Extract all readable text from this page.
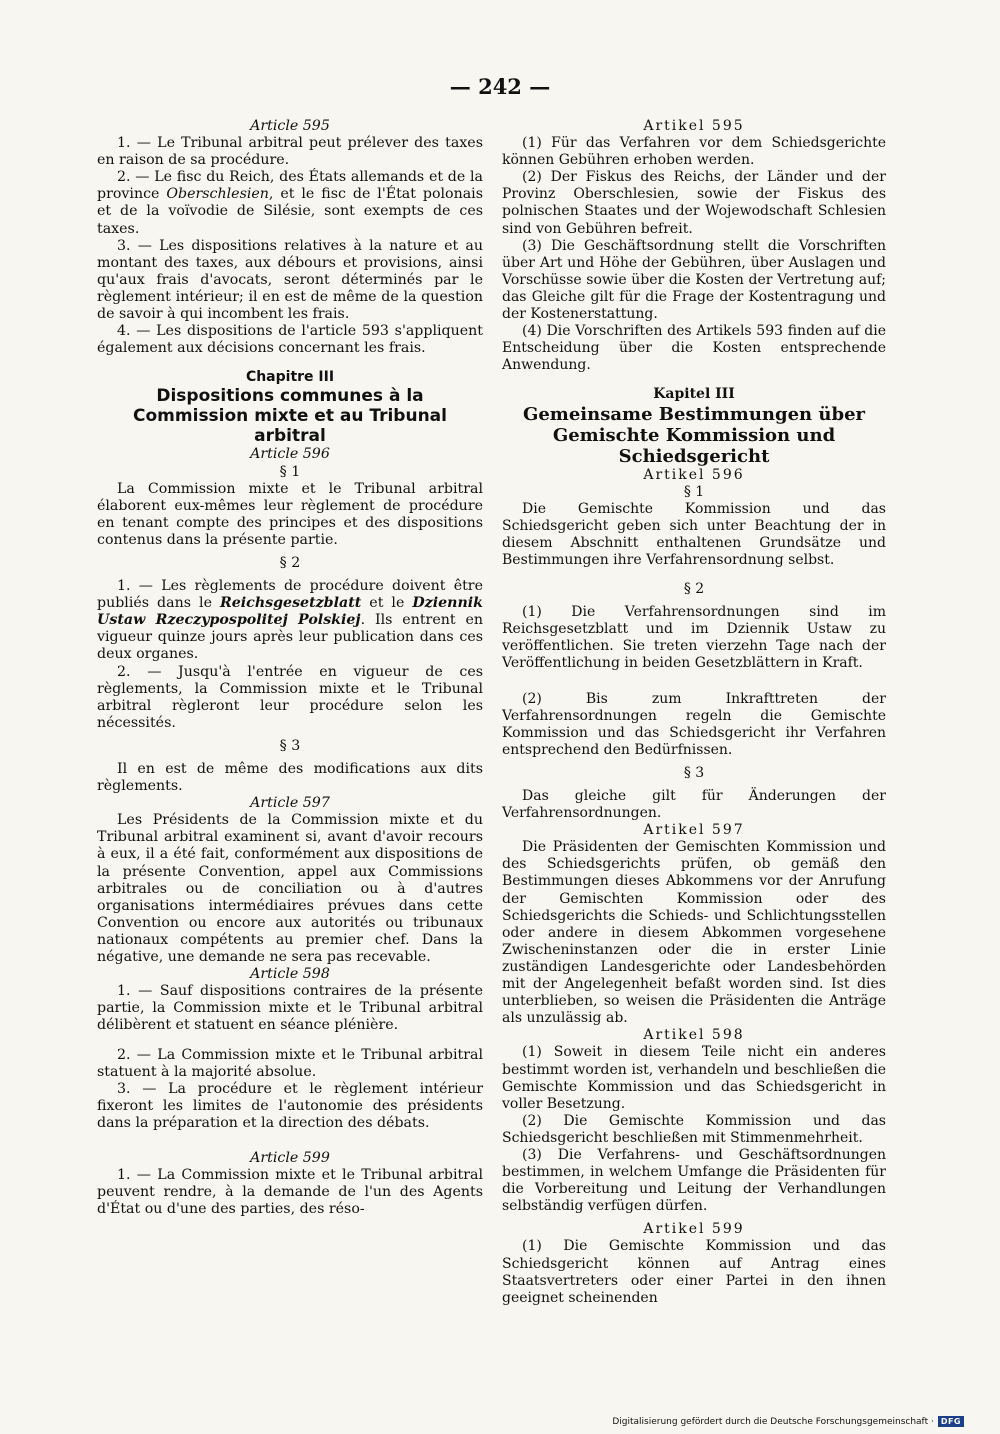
— 242 —
Article 595

1. — Le Tribunal arbitral peut prélever des taxes en raison de sa procédure.

2. — Le fisc du Reich, des États allemands et de la province Oberschlesien, et le fisc de l'État polonais et de la voïvodie de Silésie, sont exempts de ces taxes.

3. — Les dispositions relatives à la nature et au montant des taxes, aux débours et provisions, ainsi qu'aux frais d'avocats, seront déterminés par le règlement intérieur; il en est de même de la question de savoir à qui incombent les frais.

4. — Les dispositions de l'article 593 s'appliquent également aux décisions concernant les frais.

Chapitre III
Dispositions communes à la
Commission mixte et au Tribunal arbitral
Article 596
§ 1

La Commission mixte et le Tribunal arbitral élaborent eux-mêmes leur règlement de procédure en tenant compte des principes et des dispositions contenus dans la présente partie.

§ 2

1. — Les règlements de procédure doivent être publiés dans le Reichsgesetzblatt et le Dziennik Ustaw Rzeczypospolitej Polskiej. Ils entrent en vigueur quinze jours après leur publication dans ces deux organes.

2. — Jusqu'à l'entrée en vigueur de ces règlements, la Commission mixte et le Tribunal arbitral règleront leur procédure selon les nécessités.

§ 3

Il en est de même des modifications aux dits règlements.

Article 597

Les Présidents de la Commission mixte et du Tribunal arbitral examinent si, avant d'avoir recours à eux, il a été fait, conformément aux dispositions de la présente Convention, appel aux Commissions arbitrales ou de conciliation ou à d'autres organisations intermédiaires prévues dans cette Convention ou encore aux autorités ou tribunaux nationaux compétents au premier chef. Dans la négative, une demande ne sera pas recevable.

Article 598

1. — Sauf dispositions contraires de la présente partie, la Commission mixte et le Tribunal arbitral délibèrent et statuent en séance plénière.

2. — La Commission mixte et le Tribunal arbitral statuent à la majorité absolue.

3. — La procédure et le règlement intérieur fixeront les limites de l'autonomie des présidents dans la préparation et la direction des débats.

Article 599

1. — La Commission mixte et le Tribunal arbitral peuvent rendre, à la demande de l'un des Agents d'État ou d'une des parties, des réso-

Artikel 595

(1) Für das Verfahren vor dem Schiedsgerichte können Gebühren erhoben werden.

(2) Der Fiskus des Reichs, der Länder und der Provinz Oberschlesien, sowie der Fiskus des polnischen Staates und der Wojewodschaft Schlesien sind von Gebühren befreit.

(3) Die Geschäftsordnung stellt die Vorschriften über Art und Höhe der Gebühren, über Auslagen und Vorschüsse sowie über die Kosten der Vertretung auf; das Gleiche gilt für die Frage der Kostentragung und der Kostenerstattung.

(4) Die Vorschriften des Artikels 593 finden auf die Entscheidung über die Kosten entsprechende Anwendung.

Kapitel III
Gemeinsame Bestimmungen über
Gemischte Kommission und Schiedsgericht
Artikel 596
§ 1

Die Gemischte Kommission und das Schiedsgericht geben sich unter Beachtung der in diesem Abschnitt enthaltenen Grundsätze und Bestimmungen ihre Verfahrensordnung selbst.

§ 2

(1) Die Verfahrensordnungen sind im Reichsgesetzblatt und im Dziennik Ustaw zu veröffentlichen. Sie treten vierzehn Tage nach der Veröffentlichung in beiden Gesetzblättern in Kraft.

(2) Bis zum Inkrafttreten der Verfahrensordnungen regeln die Gemischte Kommission und das Schiedsgericht ihr Verfahren entsprechend den Bedürfnissen.

§ 3

Das gleiche gilt für Änderungen der Verfahrensordnungen.

Artikel 597

Die Präsidenten der Gemischten Kommission und des Schiedsgerichts prüfen, ob gemäß den Bestimmungen dieses Abkommens vor der Anrufung der Gemischten Kommission oder des Schiedsgerichts die Schieds- und Schlichtungsstellen oder andere in diesem Abkommen vorgesehene Zwischeninstanzen oder die in erster Linie zuständigen Landesgerichte oder Landesbehörden mit der Angelegenheit befaßt worden sind. Ist dies unterblieben, so weisen die Präsidenten die Anträge als unzulässig ab.

Artikel 598

(1) Soweit in diesem Teile nicht ein anderes bestimmt worden ist, verhandeln und beschließen die Gemischte Kommission und das Schiedsgericht in voller Besetzung.

(2) Die Gemischte Kommission und das Schiedsgericht beschließen mit Stimmenmehrheit.

(3) Die Verfahrens- und Geschäftsordnungen bestimmen, in welchem Umfange die Präsidenten für die Vorbereitung und Leitung der Verhandlungen selbständig verfügen dürfen.

Artikel 599

(1) Die Gemischte Kommission und das Schiedsgericht können auf Antrag eines Staatsvertreters oder einer Partei in den ihnen geeignet scheinenden

Digitalisierung gefördert durch die Deutsche Forschungsgemeinschaft · DFG
